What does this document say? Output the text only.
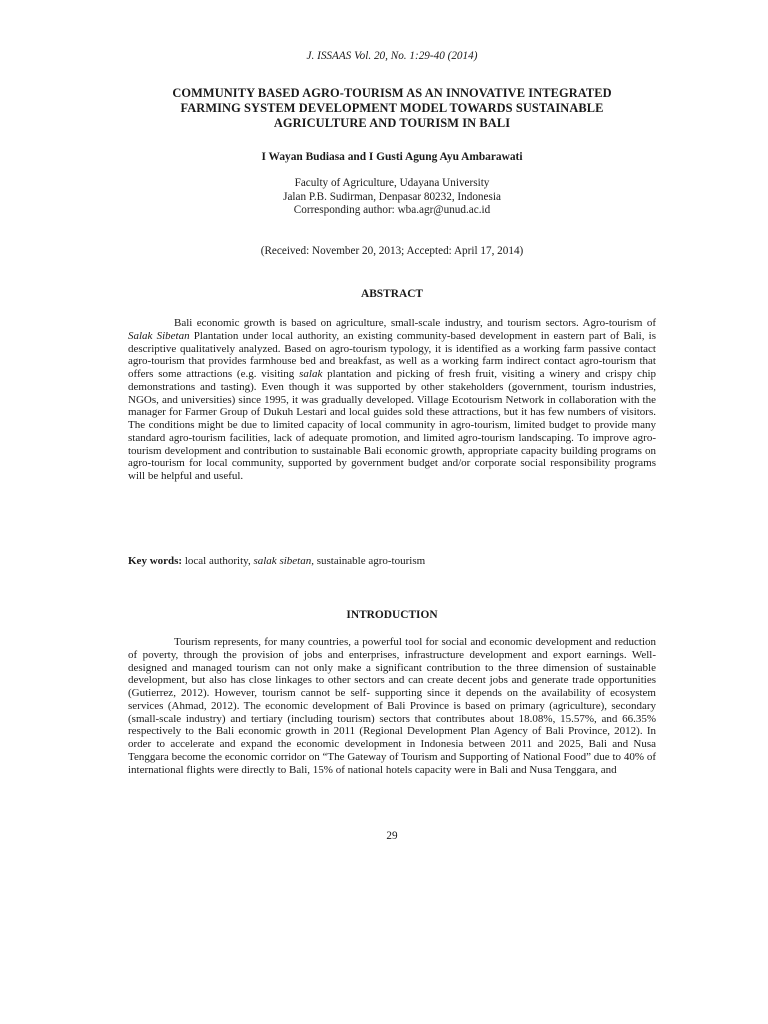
J. ISSAAS Vol. 20, No. 1:29-40 (2014)
COMMUNITY BASED AGRO-TOURISM AS AN INNOVATIVE INTEGRATED
FARMING SYSTEM DEVELOPMENT MODEL TOWARDS SUSTAINABLE
AGRICULTURE AND TOURISM IN BALI
I Wayan Budiasa and I Gusti Agung Ayu Ambarawati
Faculty of Agriculture, Udayana University
Jalan P.B. Sudirman, Denpasar 80232, Indonesia
Corresponding author: wba.agr@unud.ac.id
(Received: November 20, 2013; Accepted: April 17, 2014)
ABSTRACT
Bali economic growth is based on agriculture, small-scale industry, and tourism sectors. Agro-tourism of Salak Sibetan Plantation under local authority, an existing community-based development in eastern part of Bali, is descriptive qualitatively analyzed. Based on agro-tourism typology, it is identified as a working farm passive contact agro-tourism that provides farmhouse bed and breakfast, as well as a working farm indirect contact agro-tourism that offers some attractions (e.g. visiting salak plantation and picking of fresh fruit, visiting a winery and crispy chip demonstrations and tasting). Even though it was supported by other stakeholders (government, tourism industries, NGOs, and universities) since 1995, it was gradually developed. Village Ecotourism Network in collaboration with the manager for Farmer Group of Dukuh Lestari and local guides sold these attractions, but it has few numbers of visitors. The conditions might be due to limited capacity of local community in agro-tourism, limited budget to provide many standard agro-tourism facilities, lack of adequate promotion, and limited agro-tourism landscaping. To improve agro-tourism development and contribution to sustainable Bali economic growth, appropriate capacity building programs on agro-tourism for local community, supported by government budget and/or corporate social responsibility programs will be helpful and useful.
Key words: local authority, salak sibetan, sustainable agro-tourism
INTRODUCTION
Tourism represents, for many countries, a powerful tool for social and economic development and reduction of poverty, through the provision of jobs and enterprises, infrastructure development and export earnings. Well-designed and managed tourism can not only make a significant contribution to the three dimension of sustainable development, but also has close linkages to other sectors and can create decent jobs and generate trade opportunities (Gutierrez, 2012). However, tourism cannot be self- supporting since it depends on the availability of ecosystem services (Ahmad, 2012). The economic development of Bali Province is based on primary (agriculture), secondary (small-scale industry) and tertiary (including tourism) sectors that contributes about 18.08%, 15.57%, and 66.35% respectively to the Bali economic growth in 2011 (Regional Development Plan Agency of Bali Province, 2012). In order to accelerate and expand the economic development in Indonesia between 2011 and 2025, Bali and Nusa Tenggara become the economic corridor on “The Gateway of Tourism and Supporting of National Food” due to 40% of international flights were directly to Bali, 15% of national hotels capacity were in Bali and Nusa Tenggara, and
29
